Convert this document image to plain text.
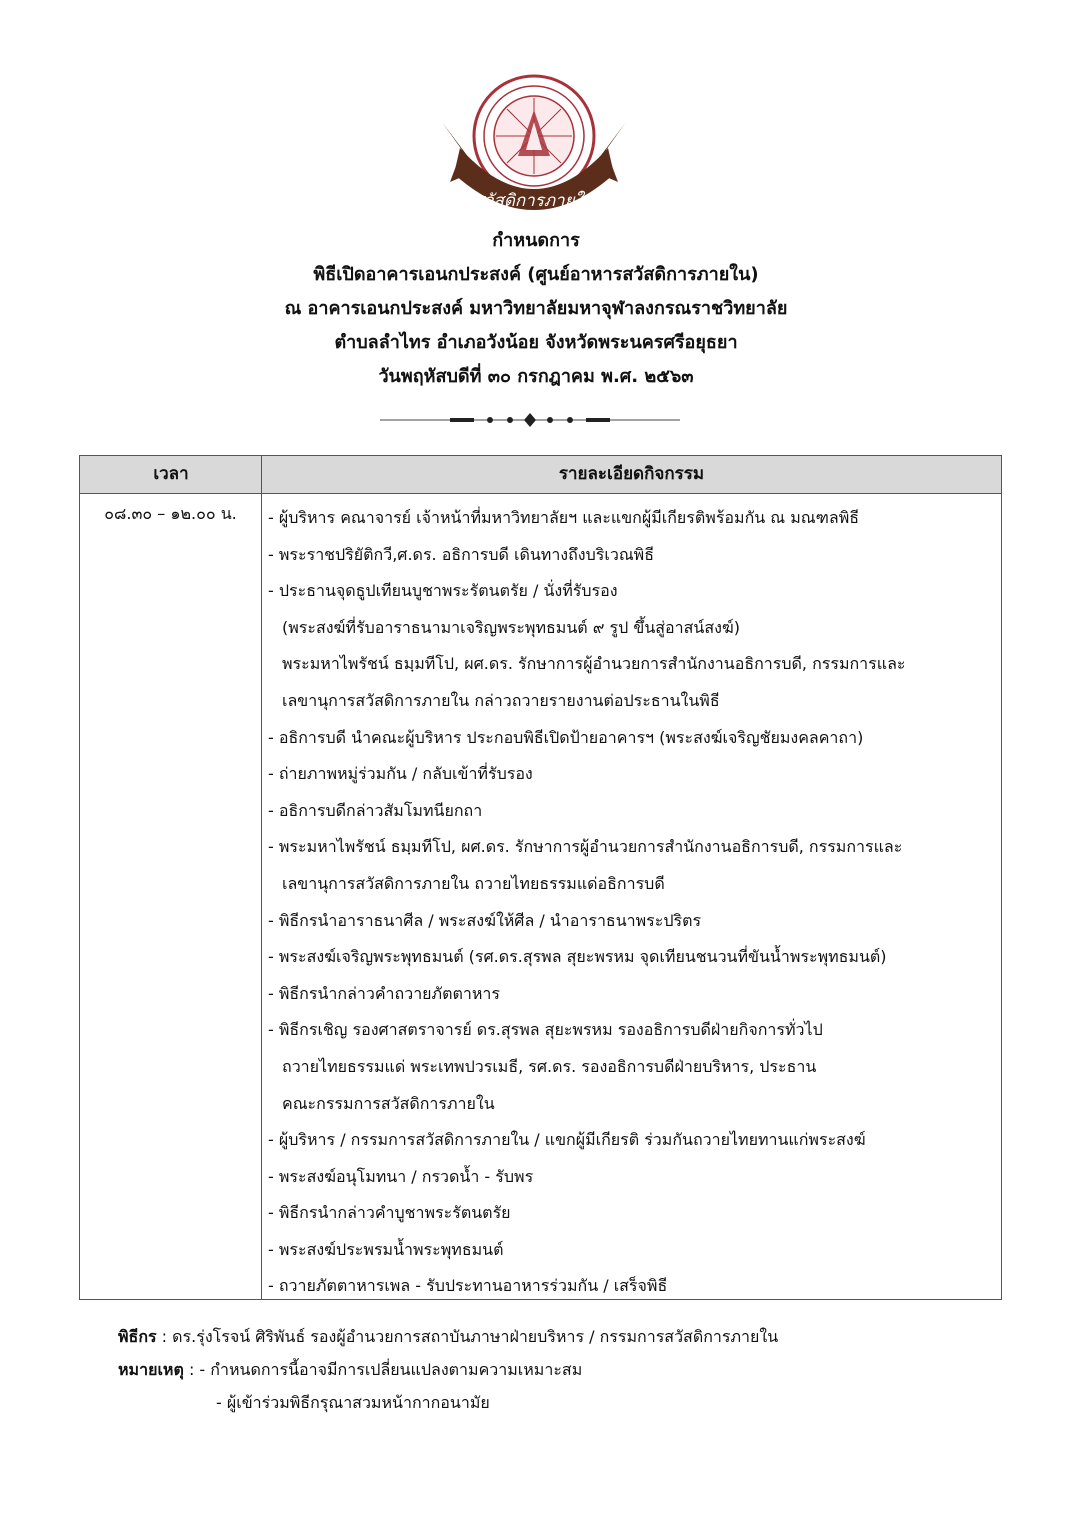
สวัสดิการภายใน
กำหนดการ
พิธีเปิดอาคารเอนกประสงค์ (ศูนย์อาหารสวัสดิการภายใน)
ณ อาคารเอนกประสงค์ มหาวิทยาลัยมหาจุฬาลงกรณราชวิทยาลัย
ตำบลลำไทร อำเภอวังน้อย จังหวัดพระนครศรีอยุธยา
วันพฤหัสบดีที่ ๓๐ กรกฎาคม พ.ศ. ๒๕๖๓
เวลา	รายละเอียดกิจกรรม
๐๘.๓๐ – ๑๒.๐๐ น.	- ผู้บริหาร คณาจารย์ เจ้าหน้าที่มหาวิทยาลัยฯ และแขกผู้มีเกียรติพร้อมกัน ณ มณฑลพิธี
- พระราชปริยัติกวี,ศ.ดร. อธิการบดี เดินทางถึงบริเวณพิธี
- ประธานจุดธูปเทียนบูชาพระรัตนตรัย / นั่งที่รับรอง
(พระสงฆ์ที่รับอาราธนามาเจริญพระพุทธมนต์ ๙ รูป ขึ้นสู่อาสน์สงฆ์)
พระมหาไพรัชน์ ธมฺมทีโป, ผศ.ดร. รักษาการผู้อำนวยการสำนักงานอธิการบดี, กรรมการและ
เลขานุการสวัสดิการภายใน กล่าวถวายรายงานต่อประธานในพิธี
- อธิการบดี นำคณะผู้บริหาร ประกอบพิธีเปิดป้ายอาคารฯ (พระสงฆ์เจริญชัยมงคลคาถา)
- ถ่ายภาพหมู่ร่วมกัน / กลับเข้าที่รับรอง
- อธิการบดีกล่าวสัมโมทนียกถา
- พระมหาไพรัชน์ ธมฺมทีโป, ผศ.ดร. รักษาการผู้อำนวยการสำนักงานอธิการบดี, กรรมการและ
เลขานุการสวัสดิการภายใน ถวายไทยธรรมแด่อธิการบดี
- พิธีกรนำอาราธนาศีล / พระสงฆ์ให้ศีล / นำอาราธนาพระปริตร
- พระสงฆ์เจริญพระพุทธมนต์ (รศ.ดร.สุรพล สุยะพรหม จุดเทียนชนวนที่ขันน้ำพระพุทธมนต์)
- พิธีกรนำกล่าวคำถวายภัตตาหาร
- พิธีกรเชิญ รองศาสตราจารย์ ดร.สุรพล สุยะพรหม รองอธิการบดีฝ่ายกิจการทั่วไป
ถวายไทยธรรมแด่ พระเทพปวรเมธี, รศ.ดร. รองอธิการบดีฝ่ายบริหาร, ประธาน
คณะกรรมการสวัสดิการภายใน
- ผู้บริหาร / กรรมการสวัสดิการภายใน / แขกผู้มีเกียรติ ร่วมกันถวายไทยทานแก่พระสงฆ์
- พระสงฆ์อนุโมทนา / กรวดน้ำ - รับพร
- พิธีกรนำกล่าวคำบูชาพระรัตนตรัย
- พระสงฆ์ประพรมน้ำพระพุทธมนต์
- ถวายภัตตาหารเพล - รับประทานอาหารร่วมกัน / เสร็จพิธี
พิธีกร : ดร.รุ่งโรจน์ ศิริพันธ์ รองผู้อำนวยการสถาบันภาษาฝ่ายบริหาร / กรรมการสวัสดิการภายใน
หมายเหตุ : - กำหนดการนี้อาจมีการเปลี่ยนแปลงตามความเหมาะสม
- ผู้เข้าร่วมพิธีกรุณาสวมหน้ากากอนามัย
